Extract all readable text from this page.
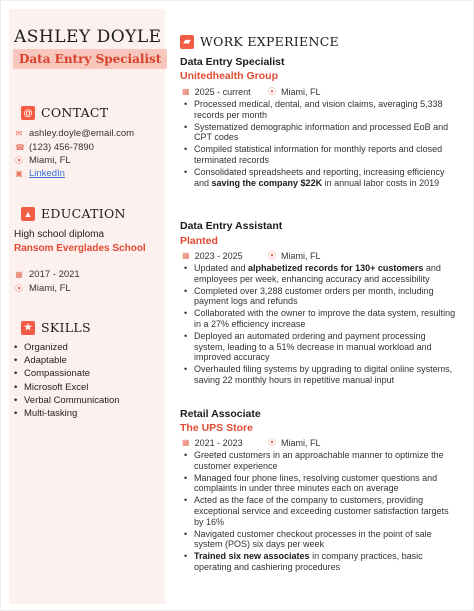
ASHLEY DOYLE
Data Entry Specialist
@ CONTACT
✉ ashley.doyle@email.com
☎ (123) 456-7890
⦿ Miami, FL
▣ LinkedIn
▲ EDUCATION
High school diploma
Ransom Everglades School
▦ 2017 - 2021
⦿ Miami, FL
★ SKILLS
• Organized
• Adaptable
• Compassionate
• Microsoft Excel
• Verbal Communication
• Multi-tasking
▰ WORK EXPERIENCE
Data Entry Specialist
Unitedhealth Group
▦ 2025 - current ⦿ Miami, FL
• Processed medical, dental, and vision claims, averaging 5,338 records per month
• Systematized demographic information and processed EoB and CPT codes
• Compiled statistical information for monthly reports and closed terminated records
• Consolidated spreadsheets and reporting, increasing efficiency and saving the company $22K in annual labor costs in 2019
Data Entry Assistant
Planted
▦ 2023 - 2025	⦿ Miami, FL
• Updated and alphabetized records for 130+ customers and employees per week, enhancing accuracy and accessibility
• Completed over 3,288 customer orders per month, including payment logs and refunds
• Collaborated with the owner to improve the data system, resulting in a 27% efficiency increase
• Deployed an automated ordering and payment processing system, leading to a 51% decrease in manual workload and improved accuracy
• Overhauled filing systems by upgrading to digital online systems, saving 22 monthly hours in repetitive manual input
Retail Associate
The UPS Store
▦ 2021 - 2023	⦿ Miami, FL
• Greeted customers in an approachable manner to optimize the customer experience
• Managed four phone lines, resolving customer questions and complaints in under three minutes each on average
• Acted as the face of the company to customers, providing exceptional service and exceeding customer satisfaction targets by 16%
• Navigated customer checkout processes in the point of sale system (POS) six days per week
• Trained six new associates in company practices, basic operating and cashiering procedures
